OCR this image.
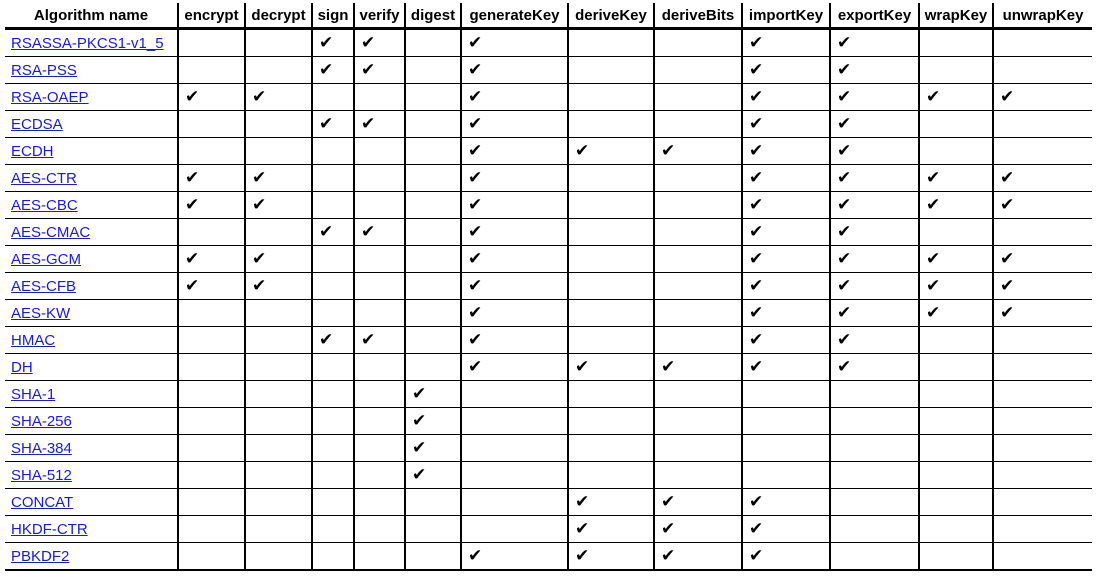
Algorithm name	encrypt	decrypt	sign	verify	digest	generateKey	deriveKey	deriveBits	importKey	exportKey	wrapKey	unwrapKey
RSASSA-PKCS1-v1_5			✔	✔		✔			✔	✔		
RSA-PSS			✔	✔		✔			✔	✔		
RSA-OAEP	✔	✔				✔			✔	✔	✔	✔
ECDSA			✔	✔		✔			✔	✔		
ECDH						✔	✔	✔	✔	✔		
AES-CTR	✔	✔				✔			✔	✔	✔	✔
AES-CBC	✔	✔				✔			✔	✔	✔	✔
AES-CMAC			✔	✔		✔			✔	✔		
AES-GCM	✔	✔				✔			✔	✔	✔	✔
AES-CFB	✔	✔				✔			✔	✔	✔	✔
AES-KW						✔			✔	✔	✔	✔
HMAC			✔	✔		✔			✔	✔		
DH						✔	✔	✔	✔	✔		
SHA-1					✔							
SHA-256					✔							
SHA-384					✔							
SHA-512					✔							
CONCAT							✔	✔	✔			
HKDF-CTR							✔	✔	✔			
PBKDF2						✔	✔	✔	✔			
